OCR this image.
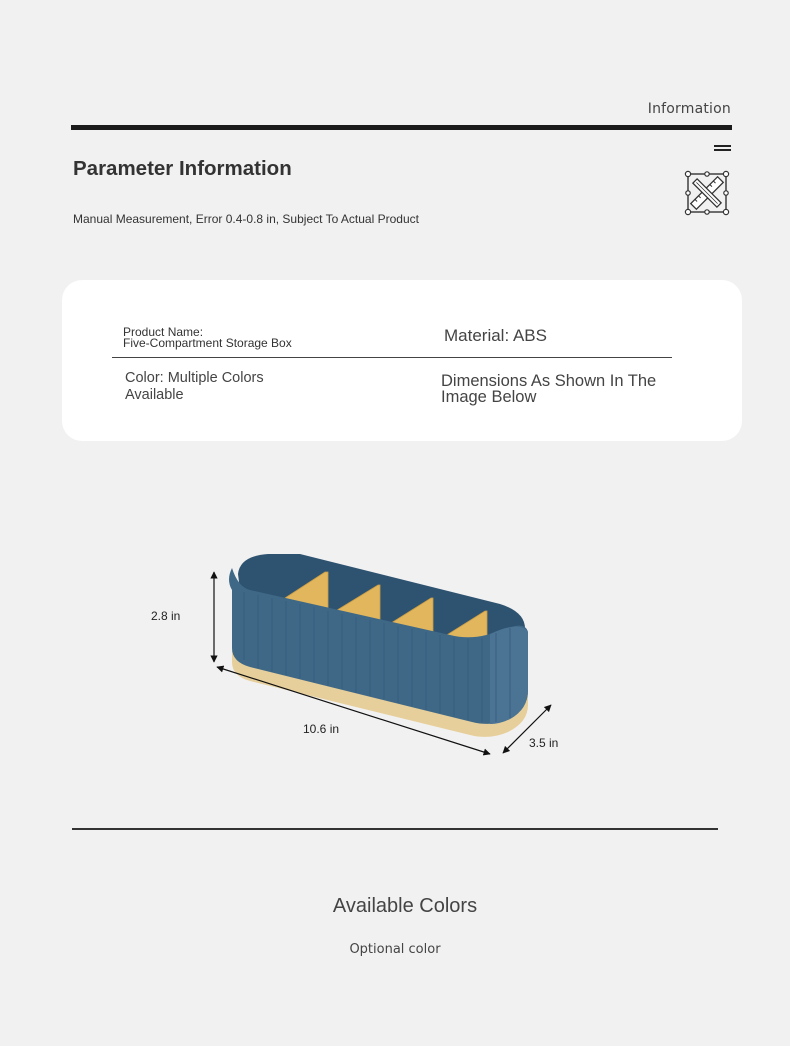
Information
Parameter Information
Manual Measurement, Error 0.4-0.8 in, Subject To Actual Product
Product Name:
Five-Compartment Storage Box	Material: ABS
Color: Multiple Colors Available
Dimensions As Shown In The Image Below
2.8 in
10.6 in
3.5 in
Available Colors
Optional color
